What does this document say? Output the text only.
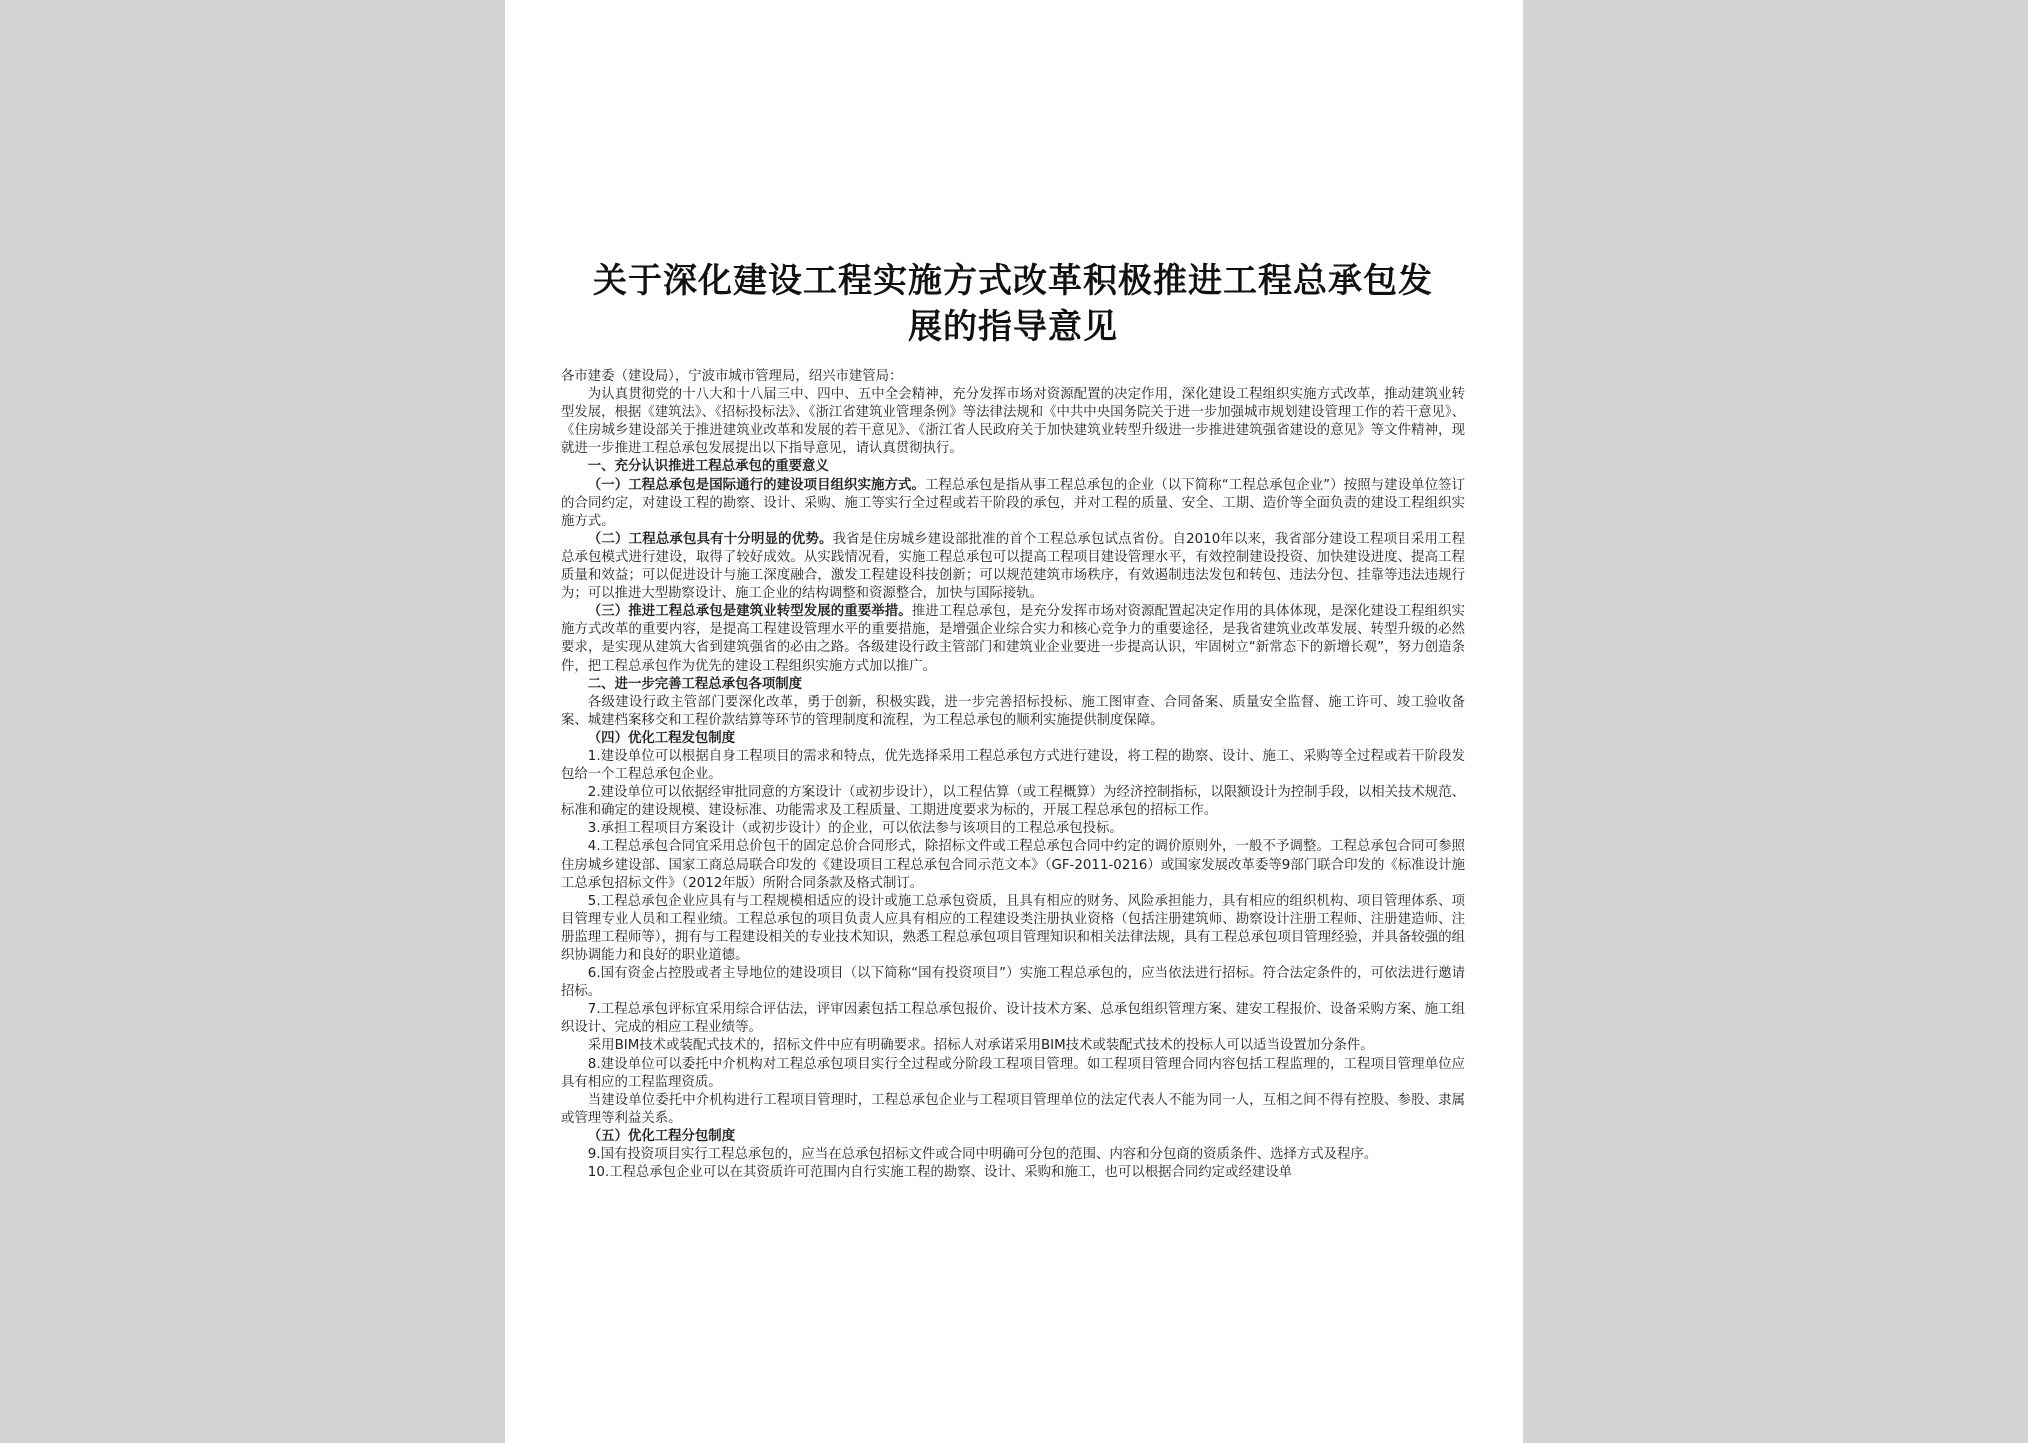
关于深化建设工程实施方式改革积极推进工程总承包发
展的指导意见

各市建委（建设局），宁波市城市管理局，绍兴市建管局：

为认真贯彻党的十八大和十八届三中、四中、五中全会精神，充分发挥市场对资源配置的决定作用，深化建设工程组织实施方式改革，推动建筑业转型发展，根据《建筑法》、《招标投标法》、《浙江省建筑业管理条例》等法律法规和《中共中央国务院关于进一步加强城市规划建设管理工作的若干意见》、《住房城乡建设部关于推进建筑业改革和发展的若干意见》、《浙江省人民政府关于加快建筑业转型升级进一步推进建筑强省建设的意见》等文件精神，现就进一步推进工程总承包发展提出以下指导意见，请认真贯彻执行。

一、充分认识推进工程总承包的重要意义

（一）工程总承包是国际通行的建设项目组织实施方式。工程总承包是指从事工程总承包的企业（以下简称“工程总承包企业”）按照与建设单位签订的合同约定，对建设工程的勘察、设计、采购、施工等实行全过程或若干阶段的承包，并对工程的质量、安全、工期、造价等全面负责的建设工程组织实施方式。

（二）工程总承包具有十分明显的优势。我省是住房城乡建设部批准的首个工程总承包试点省份。自2010年以来，我省部分建设工程项目采用工程总承包模式进行建设，取得了较好成效。从实践情况看，实施工程总承包可以提高工程项目建设管理水平，有效控制建设投资、加快建设进度、提高工程质量和效益；可以促进设计与施工深度融合，激发工程建设科技创新；可以规范建筑市场秩序，有效遏制违法发包和转包、违法分包、挂靠等违法违规行为；可以推进大型勘察设计、施工企业的结构调整和资源整合，加快与国际接轨。

（三）推进工程总承包是建筑业转型发展的重要举措。推进工程总承包，是充分发挥市场对资源配置起决定作用的具体体现，是深化建设工程组织实施方式改革的重要内容，是提高工程建设管理水平的重要措施，是增强企业综合实力和核心竞争力的重要途径，是我省建筑业改革发展、转型升级的必然要求，是实现从建筑大省到建筑强省的必由之路。各级建设行政主管部门和建筑业企业要进一步提高认识，牢固树立“新常态下的新增长观”，努力创造条件，把工程总承包作为优先的建设工程组织实施方式加以推广。

二、进一步完善工程总承包各项制度

各级建设行政主管部门要深化改革，勇于创新，积极实践，进一步完善招标投标、施工图审查、合同备案、质量安全监督、施工许可、竣工验收备案、城建档案移交和工程价款结算等环节的管理制度和流程，为工程总承包的顺利实施提供制度保障。

（四）优化工程发包制度

1.建设单位可以根据自身工程项目的需求和特点，优先选择采用工程总承包方式进行建设，将工程的勘察、设计、施工、采购等全过程或若干阶段发包给一个工程总承包企业。

2.建设单位可以依据经审批同意的方案设计（或初步设计），以工程估算（或工程概算）为经济控制指标，以限额设计为控制手段，以相关技术规范、标准和确定的建设规模、建设标准、功能需求及工程质量、工期进度要求为标的，开展工程总承包的招标工作。

3.承担工程项目方案设计（或初步设计）的企业，可以依法参与该项目的工程总承包投标。

4.工程总承包合同宜采用总价包干的固定总价合同形式，除招标文件或工程总承包合同中约定的调价原则外，一般不予调整。工程总承包合同可参照住房城乡建设部、国家工商总局联合印发的《建设项目工程总承包合同示范文本》（GF-2011-0216）或国家发展改革委等9部门联合印发的《标准设计施工总承包招标文件》（2012年版）所附合同条款及格式制订。

5.工程总承包企业应具有与工程规模相适应的设计或施工总承包资质，且具有相应的财务、风险承担能力，具有相应的组织机构、项目管理体系、项目管理专业人员和工程业绩。工程总承包的项目负责人应具有相应的工程建设类注册执业资格（包括注册建筑师、勘察设计注册工程师、注册建造师、注册监理工程师等），拥有与工程建设相关的专业技术知识，熟悉工程总承包项目管理知识和相关法律法规，具有工程总承包项目管理经验，并具备较强的组织协调能力和良好的职业道德。

6.国有资金占控股或者主导地位的建设项目（以下简称“国有投资项目”）实施工程总承包的，应当依法进行招标。符合法定条件的，可依法进行邀请招标。

7.工程总承包评标宜采用综合评估法，评审因素包括工程总承包报价、设计技术方案、总承包组织管理方案、建安工程报价、设备采购方案、施工组织设计、完成的相应工程业绩等。

采用BIM技术或装配式技术的，招标文件中应有明确要求。招标人对承诺采用BIM技术或装配式技术的投标人可以适当设置加分条件。

8.建设单位可以委托中介机构对工程总承包项目实行全过程或分阶段工程项目管理。如工程项目管理合同内容包括工程监理的，工程项目管理单位应具有相应的工程监理资质。

当建设单位委托中介机构进行工程项目管理时，工程总承包企业与工程项目管理单位的法定代表人不能为同一人，互相之间不得有控股、参股、隶属或管理等利益关系。

（五）优化工程分包制度

9.国有投资项目实行工程总承包的，应当在总承包招标文件或合同中明确可分包的范围、内容和分包商的资质条件、选择方式及程序。

10.工程总承包企业可以在其资质许可范围内自行实施工程的勘察、设计、采购和施工，也可以根据合同约定或经建设单
